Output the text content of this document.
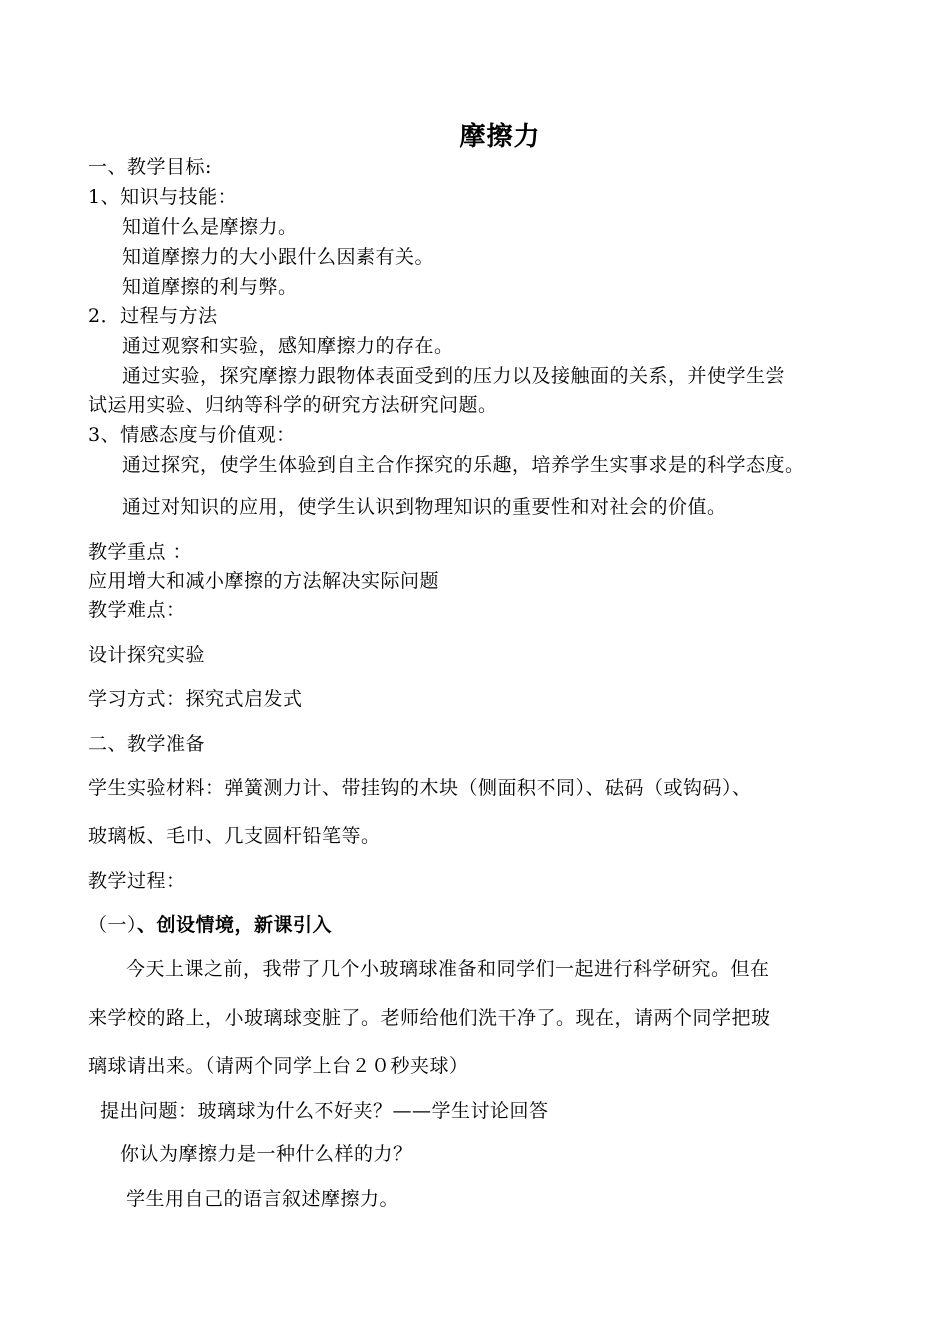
摩擦力
一、教学目标:
1、知识与技能：
知道什么是摩擦力。
知道摩擦力的大小跟什么因素有关。
知道摩擦的利与弊。
2．过程与方法
通过观察和实验，感知摩擦力的存在。
通过实验，探究摩擦力跟物体表面受到的压力以及接触面的关系，并使学生尝
试运用实验、归纳等科学的研究方法研究问题。
3、情感态度与价值观：
通过探究，使学生体验到自主合作探究的乐趣，培养学生实事求是的科学态度。
通过对知识的应用，使学生认识到物理知识的重要性和对社会的价值。
教学重点 ：
应用增大和减小摩擦的方法解决实际问题
教学难点：
设计探究实验
学习方式：探究式启发式
二、教学准备
学生实验材料：弹簧测力计、带挂钩的木块（侧面积不同）、砝码（或钩码）、
玻璃板、毛巾、几支圆杆铅笔等。
教学过程：
（一）、创设情境，新课引入
今天上课之前，我带了几个小玻璃球准备和同学们一起进行科学研究。但在
来学校的路上，小玻璃球变脏了。老师给他们洗干净了。现在，请两个同学把玻
璃球请出来。（请两个同学上台２０秒夹球）
提出问题：玻璃球为什么不好夹？——学生讨论回答
你认为摩擦力是一种什么样的力？
学生用自己的语言叙述摩擦力。
